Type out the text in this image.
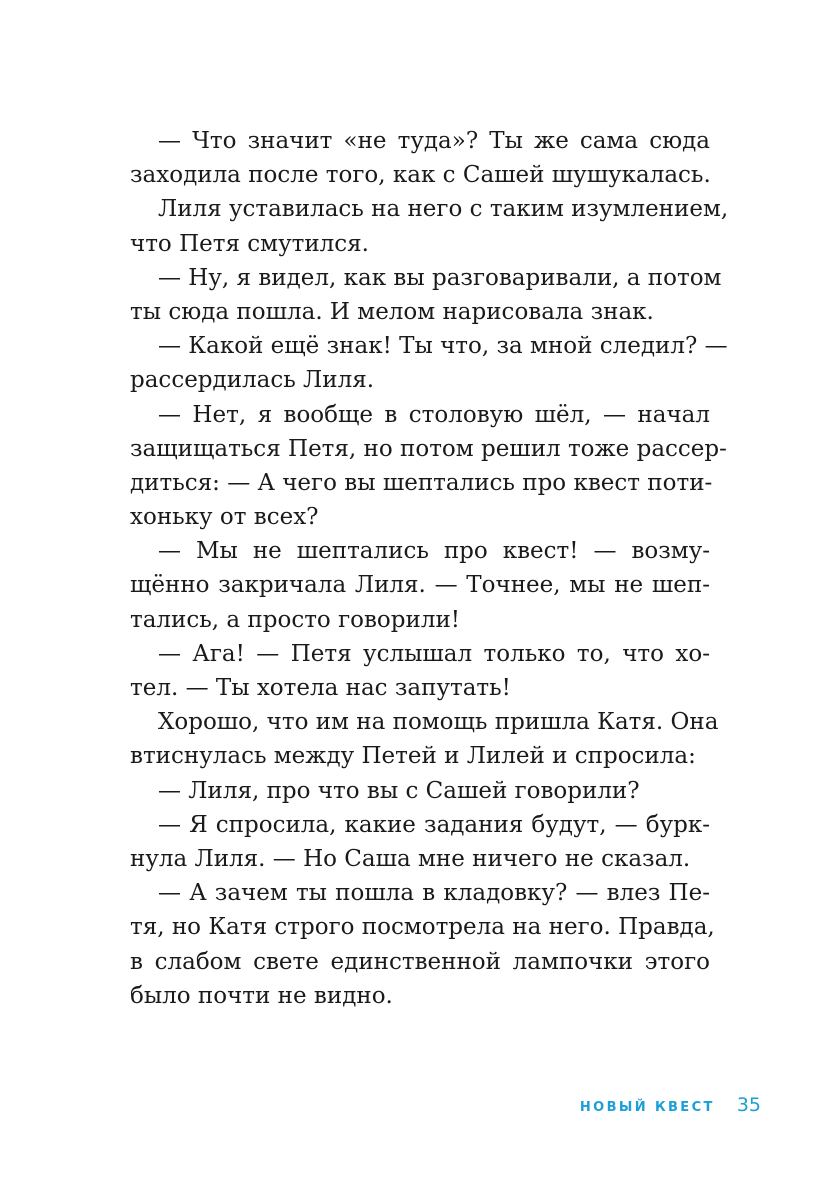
— Что значит «не туда»? Ты же сама сюда
заходила после того, как с Сашей шушукалась.
Лиля уставилась на него с таким изумлением,
что Петя смутился.
— Ну, я видел, как вы разговаривали, а потом
ты сюда пошла. И мелом нарисовала знак.
— Какой ещё знак! Ты что, за мной следил? —
рассердилась Лиля.
— Нет, я вообще в столовую шёл, — начал
защищаться Петя, но потом решил тоже рассер-
диться: — А чего вы шептались про квест поти-
хоньку от всех?
— Мы не шептались про квест! — возму-
щённо закричала Лиля. — Точнее, мы не шеп-
тались, а просто говорили!
— Ага! — Петя услышал только то, что хо-
тел. — Ты хотела нас запутать!
Хорошо, что им на помощь пришла Катя. Она
втиснулась между Петей и Лилей и спросила:
— Лиля, про что вы с Сашей говорили?
— Я спросила, какие задания будут, — бурк-
нула Лиля. — Но Саша мне ничего не сказал.
— А зачем ты пошла в кладовку? — влез Пе-
тя, но Катя строго посмотрела на него. Правда,
в слабом свете единственной лампочки этого
было почти не видно.
НОВЫЙ КВЕСТ 35
